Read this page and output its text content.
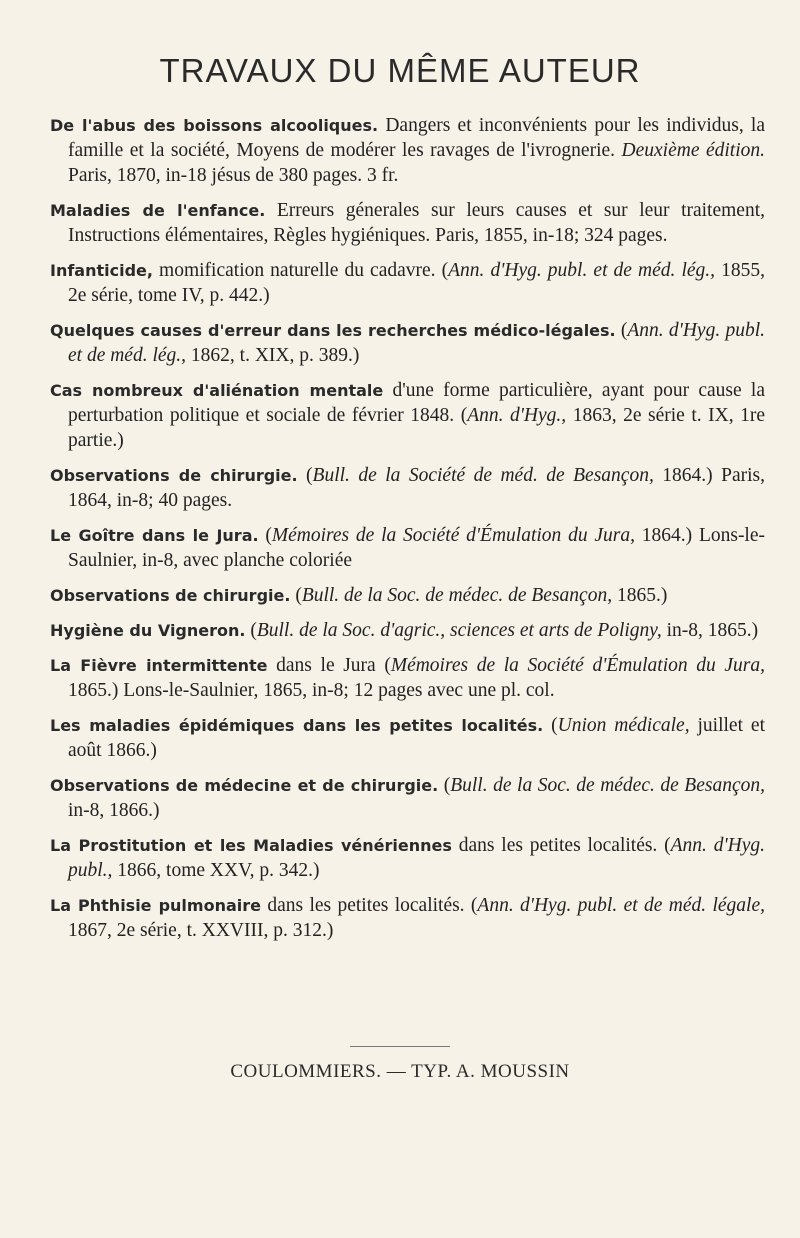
TRAVAUX DU MÊME AUTEUR

De l'abus des boissons alcooliques. Dangers et inconvénients pour les individus, la famille et la société, Moyens de modérer les ravages de l'ivrognerie. Deuxième édition. Paris, 1870, in-18 jésus de 380 pages. 3 fr.

Maladies de l'enfance. Erreurs génerales sur leurs causes et sur leur traitement, Instructions élémentaires, Règles hygiéniques. Paris, 1855, in-18; 324 pages.

Infanticide, momification naturelle du cadavre. (Ann. d'Hyg. publ. et de méd. lég., 1855, 2e série, tome IV, p. 442.)

Quelques causes d'erreur dans les recherches médico-légales. (Ann. d'Hyg. publ. et de méd. lég., 1862, t. XIX, p. 389.)

Cas nombreux d'aliénation mentale d'une forme particulière, ayant pour cause la perturbation politique et sociale de février 1848. (Ann. d'Hyg., 1863, 2e série t. IX, 1re partie.)

Observations de chirurgie. (Bull. de la Société de méd. de Besançon, 1864.) Paris, 1864, in-8; 40 pages.

Le Goître dans le Jura. (Mémoires de la Société d'Émulation du Jura, 1864.) Lons-le-Saulnier, in-8, avec planche coloriée

Observations de chirurgie. (Bull. de la Soc. de médec. de Besançon, 1865.)

Hygiène du Vigneron. (Bull. de la Soc. d'agric., sciences et arts de Poligny, in-8, 1865.)

La Fièvre intermittente dans le Jura (Mémoires de la Société d'Émulation du Jura, 1865.) Lons-le-Saulnier, 1865, in-8; 12 pages avec une pl. col.

Les maladies épidémiques dans les petites localités. (Union médicale, juillet et août 1866.)

Observations de médecine et de chirurgie. (Bull. de la Soc. de médec. de Besançon, in-8, 1866.)

La Prostitution et les Maladies vénériennes dans les petites localités. (Ann. d'Hyg. publ., 1866, tome XXV, p. 342.)

La Phthisie pulmonaire dans les petites localités. (Ann. d'Hyg. publ. et de méd. légale, 1867, 2e série, t. XXVIII, p. 312.)

COULOMMIERS. — TYP. A. MOUSSIN
